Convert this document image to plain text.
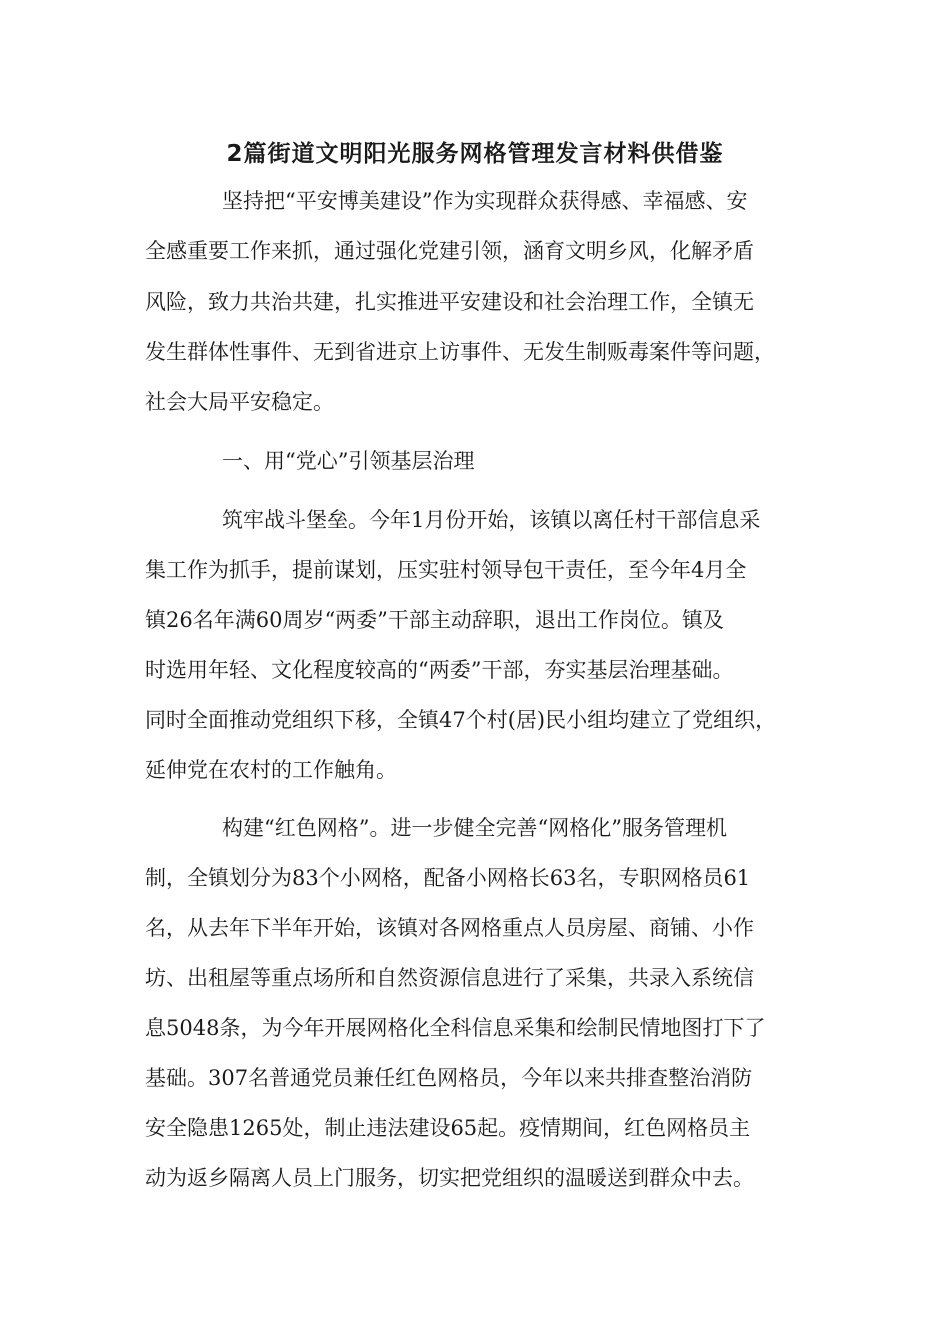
2篇街道文明阳光服务网格管理发言材料供借鉴

坚持把“平安博美建设”作为实现群众获得感、幸福感、安

全感重要工作来抓，通过强化党建引领，涵育文明乡风，化解矛盾

风险，致力共治共建，扎实推进平安建设和社会治理工作，全镇无

发生群体性事件、无到省进京上访事件、无发生制贩毒案件等问题，

社会大局平安稳定。

一、用“党心”引领基层治理

筑牢战斗堡垒。今年1月份开始，该镇以离任村干部信息采

集工作为抓手，提前谋划，压实驻村领导包干责任，至今年4月全

镇26名年满60周岁“两委”干部主动辞职，退出工作岗位。镇及

时选用年轻、文化程度较高的“两委”干部，夯实基层治理基础。

同时全面推动党组织下移，全镇47个村(居)民小组均建立了党组织，

延伸党在农村的工作触角。

构建“红色网格”。进一步健全完善“网格化”服务管理机

制，全镇划分为83个小网格，配备小网格长63名，专职网格员61

名，从去年下半年开始，该镇对各网格重点人员房屋、商铺、小作

坊、出租屋等重点场所和自然资源信息进行了采集，共录入系统信

息5048条，为今年开展网格化全科信息采集和绘制民情地图打下了

基础。307名普通党员兼任红色网格员，今年以来共排查整治消防

安全隐患1265处，制止违法建设65起。疫情期间，红色网格员主

动为返乡隔离人员上门服务，切实把党组织的温暖送到群众中去。
